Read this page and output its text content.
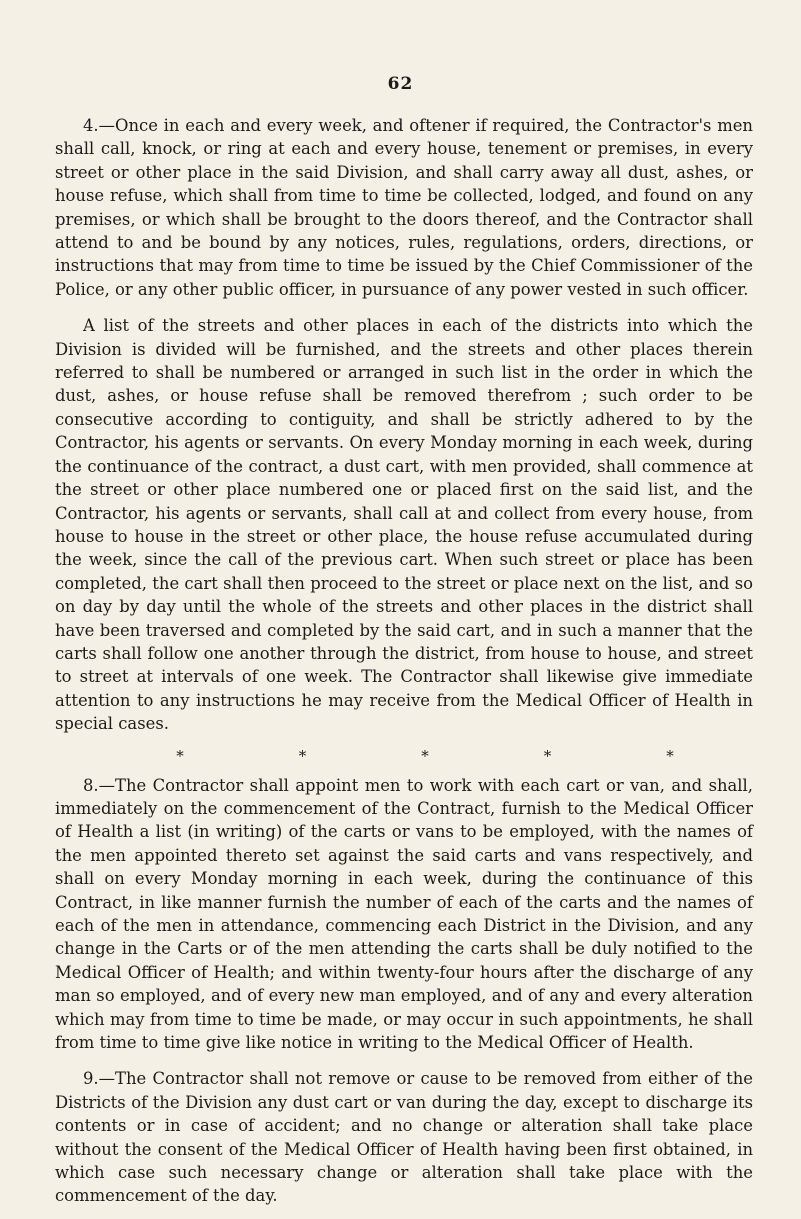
62

4.—Once in each and every week, and oftener if required, the Contractor's men shall call, knock, or ring at each and every house, tenement or premises, in every street or other place in the said Division, and shall carry away all dust, ashes, or house refuse, which shall from time to time be collected, lodged, and found on any premises, or which shall be brought to the doors thereof, and the Contractor shall attend to and be bound by any notices, rules, regulations, orders, directions, or instructions that may from time to time be issued by the Chief Commissioner of the Police, or any other public officer, in pursuance of any power vested in such officer.

A list of the streets and other places in each of the districts into which the Division is divided will be furnished, and the streets and other places therein referred to shall be numbered or arranged in such list in the order in which the dust, ashes, or house refuse shall be removed therefrom ; such order to be consecutive according to contiguity, and shall be strictly adhered to by the Contractor, his agents or servants. On every Monday morning in each week, during the continuance of the contract, a dust cart, with men provided, shall commence at the street or other place numbered one or placed first on the said list, and the Contractor, his agents or servants, shall call at and collect from every house, from house to house in the street or other place, the house refuse accumulated during the week, since the call of the previous cart. When such street or place has been completed, the cart shall then proceed to the street or place next on the list, and so on day by day until the whole of the streets and other places in the district shall have been traversed and completed by the said cart, and in such a manner that the carts shall follow one another through the district, from house to house, and street to street at intervals of one week. The Contractor shall likewise give immediate attention to any instructions he may receive from the Medical Officer of Health in special cases.

*	*	*	*	*

8.—The Contractor shall appoint men to work with each cart or van, and shall, immediately on the commencement of the Contract, furnish to the Medical Officer of Health a list (in writing) of the carts or vans to be employed, with the names of the men appointed thereto set against the said carts and vans respectively, and shall on every Monday morning in each week, during the continuance of this Contract, in like manner furnish the number of each of the carts and the names of each of the men in attendance, commencing each District in the Division, and any change in the Carts or of the men attending the carts shall be duly notified to the Medical Officer of Health; and within twenty-four hours after the discharge of any man so employed, and of every new man employed, and of any and every alteration which may from time to time be made, or may occur in such appointments, he shall from time to time give like notice in writing to the Medical Officer of Health.

9.—The Contractor shall not remove or cause to be removed from either of the Districts of the Division any dust cart or van during the day, except to discharge its contents or in case of accident; and no change or alteration shall take place without the consent of the Medical Officer of Health having been first obtained, in which case such necessary change or alteration shall take place with the commencement of the day.
